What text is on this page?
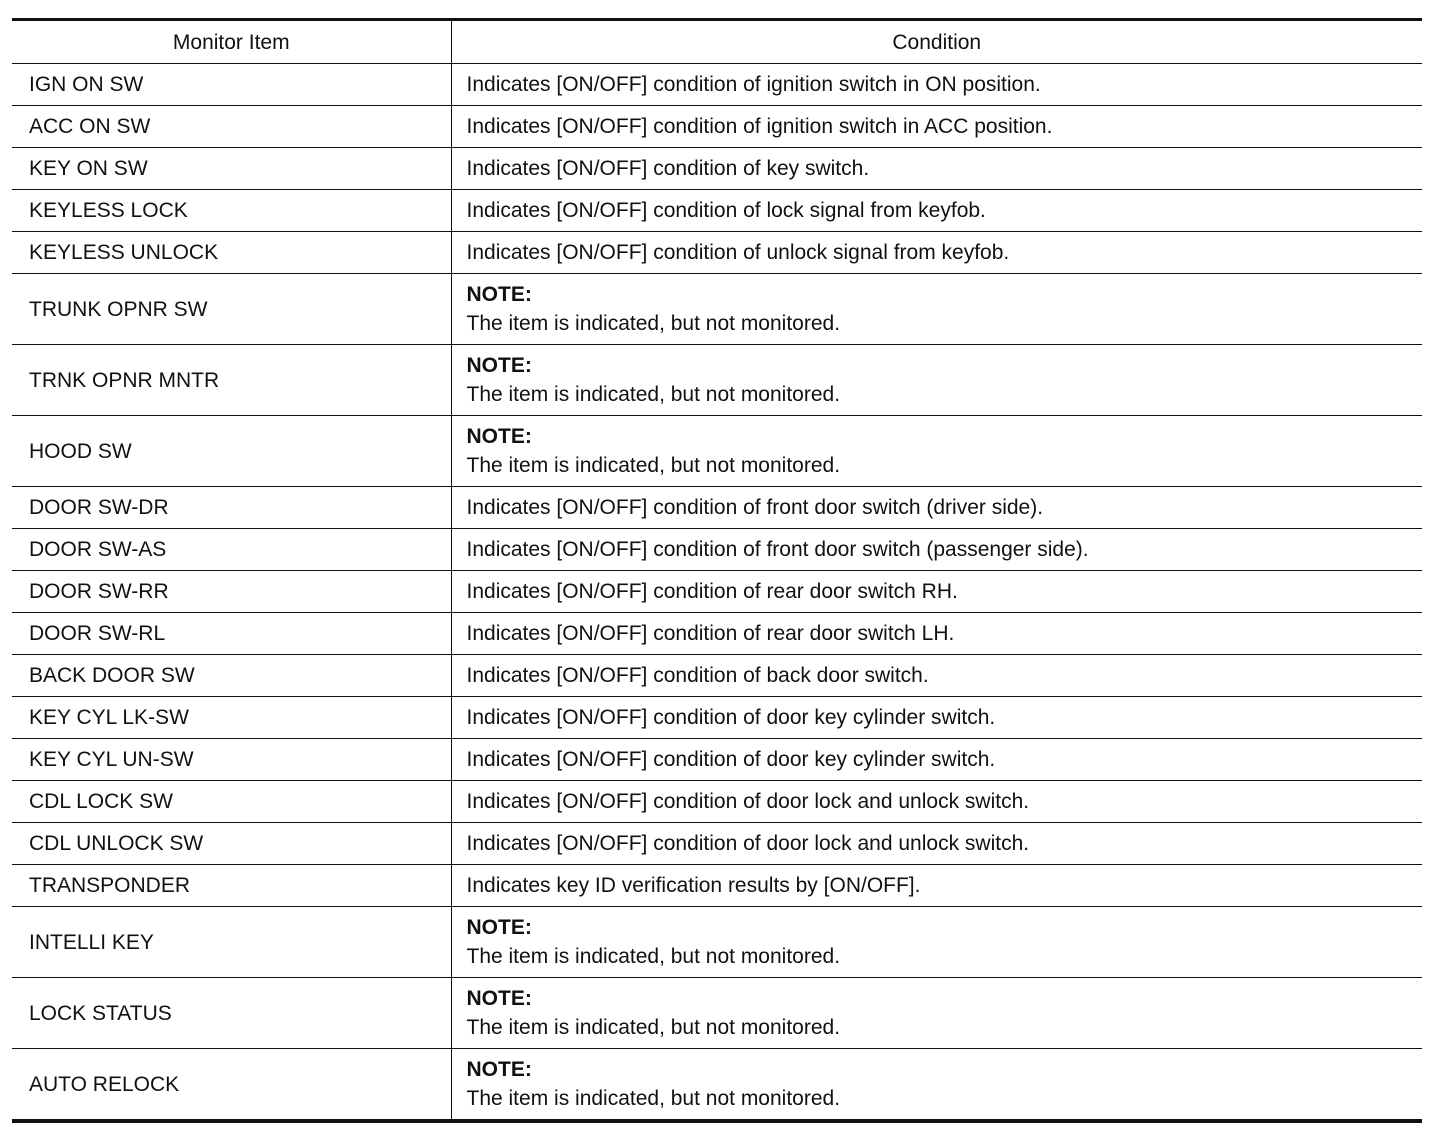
Monitor Item	Condition
IGN ON SW	Indicates [ON/OFF] condition of ignition switch in ON position.
ACC ON SW	Indicates [ON/OFF] condition of ignition switch in ACC position.
KEY ON SW	Indicates [ON/OFF] condition of key switch.
KEYLESS LOCK	Indicates [ON/OFF] condition of lock signal from keyfob.
KEYLESS UNLOCK	Indicates [ON/OFF] condition of unlock signal from keyfob.
TRUNK OPNR SW	NOTE:
The item is indicated, but not monitored.

TRNK OPNR MNTR	NOTE:
The item is indicated, but not monitored.

HOOD SW	NOTE:
The item is indicated, but not monitored.

DOOR SW-DR	Indicates [ON/OFF] condition of front door switch (driver side).
DOOR SW-AS	Indicates [ON/OFF] condition of front door switch (passenger side).
DOOR SW-RR	Indicates [ON/OFF] condition of rear door switch RH.
DOOR SW-RL	Indicates [ON/OFF] condition of rear door switch LH.
BACK DOOR SW	Indicates [ON/OFF] condition of back door switch.
KEY CYL LK-SW	Indicates [ON/OFF] condition of door key cylinder switch.
KEY CYL UN-SW	Indicates [ON/OFF] condition of door key cylinder switch.
CDL LOCK SW	Indicates [ON/OFF] condition of door lock and unlock switch.
CDL UNLOCK SW	Indicates [ON/OFF] condition of door lock and unlock switch.
TRANSPONDER	Indicates key ID verification results by [ON/OFF].
INTELLI KEY	NOTE:
The item is indicated, but not monitored.

LOCK STATUS	NOTE:
The item is indicated, but not monitored.

AUTO RELOCK	NOTE:
The item is indicated, but not monitored.
